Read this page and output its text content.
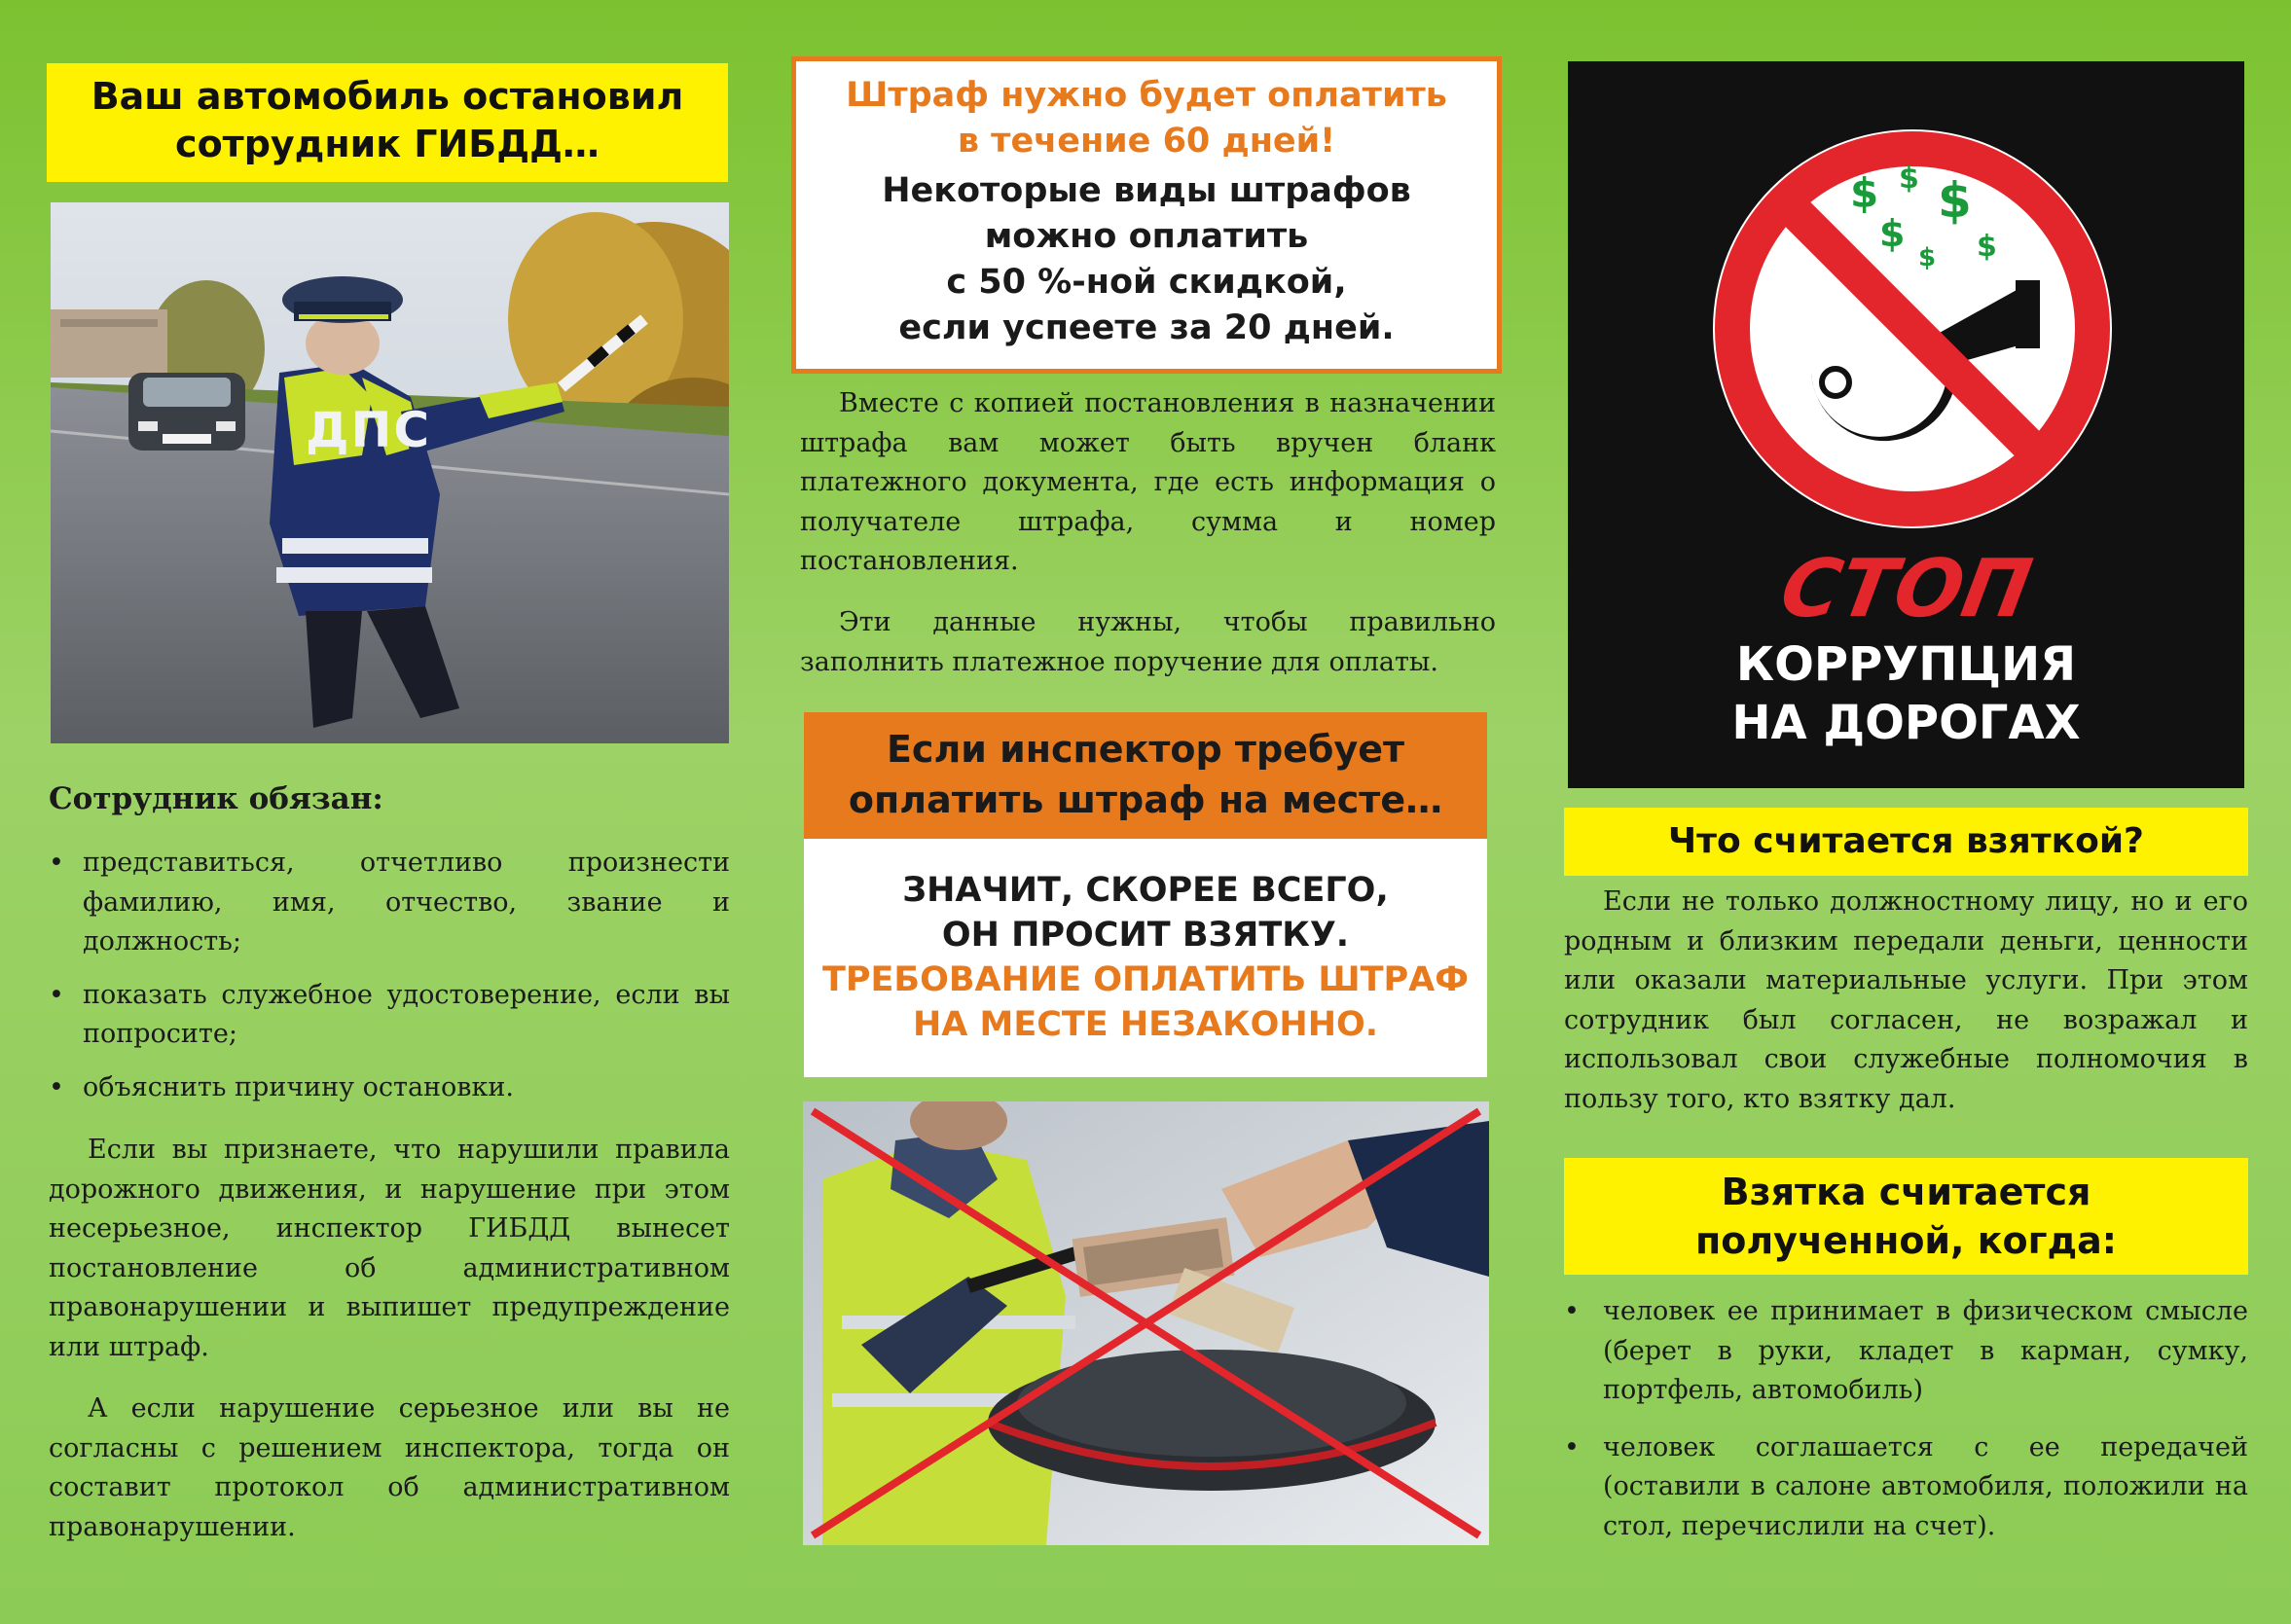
Ваш автомобиль остановил сотрудник ГИБДД…
ДПС
Сотрудник обязан:
• представиться, отчетливо произнести фамилию, имя, отчество, звание и должность;
• показать служебное удостоверение, если вы попросите;
• объяснить причину остановки.

Если вы признаете, что нарушили правила дорожного движения, и нарушение при этом несерьезное, инспектор ГИБДД вынесет постановление об административном правонарушении и выпишет предупреждение или штраф.

А если нарушение серьезное или вы не согласны с решением инспектора, тогда он составит протокол об административном правонарушении.

Штраф нужно будет оплатить в течение 60 дней!
Некоторые виды штрафов
можно оплатить
с 50 %-ной скидкой,
если успеете за 20 дней.

Вместе с копией постановления в назначении штрафа вам может быть вручен бланк платежного документа, где есть информация о получателе штрафа, сумма и номер постановления.

Эти данные нужны, чтобы правильно заполнить платежное поручение для оплаты.

Если инспектор требует
оплатить штраф на месте…
ЗНАЧИТ, СКОРЕЕ ВСЕГО,
ОН ПРОСИТ ВЗЯТКУ.
ТРЕБОВАНИЕ ОПЛАТИТЬ ШТРАФ
НА МЕСТЕ НЕЗАКОННО.
$ $ $
$ $
$
СТОП
КОРРУПЦИЯ
НА ДОРОГАХ
Что считается взяткой?

Если не только должностному лицу, но и его родным и близким передали деньги, ценности или оказали материальные услуги. При этом сотрудник был согласен, не возражал и использовал свои служебные полномочия в пользу того, кто взятку дал.

Взятка считается
полученной, когда:
• человек ее принимает в физическом смысле (берет в руки, кладет в карман, сумку, портфель, автомобиль)
• человек соглашается с ее передачей (оставили в салоне автомобиля, положили на стол, перечислили на счет).
